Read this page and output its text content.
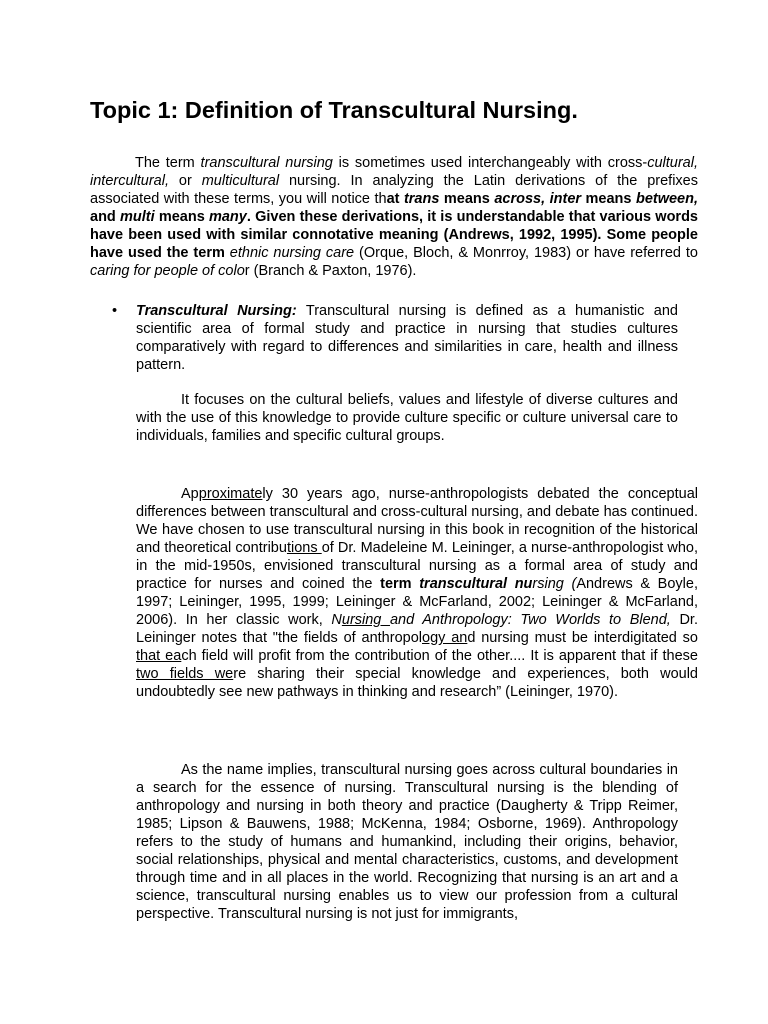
Topic 1: Definition of Transcultural Nursing.

The term transcultural nursing is sometimes used interchangeably with cross-cultural, intercultural, or multicultural nursing. In analyzing the Latin derivations of the prefixes associated with these terms, you will notice that trans means across, inter means between, and multi means many. Given these derivations, it is understandable that various words have been used with similar connotative meaning (Andrews, 1992, 1995). Some people have used the term ethnic nursing care (Orque, Bloch, & Monrroy, 1983) or have referred to caring for people of color (Branch & Paxton, 1976).

• Transcultural Nursing: Transcultural nursing is defined as a humanistic and scientific area of formal study and practice in nursing that studies cultures comparatively with regard to differences and similarities in care, health and illness pattern.

It focuses on the cultural beliefs, values and lifestyle of diverse cultures and with the use of this knowledge to provide culture specific or culture universal care to individuals, families and specific cultural groups.

Approximately 30 years ago, nurse-anthropologists debated the conceptual differences between transcultural and cross-cultural nursing, and debate has continued. We have chosen to use transcultural nursing in this book in recognition of the historical and theoretical contributions of Dr. Madeleine M. Leininger, a nurse-anthropologist who, in the mid-1950s, envisioned transcultural nursing as a formal area of study and practice for nurses and coined the term transcultural nursing (Andrews & Boyle, 1997; Leininger, 1995, 1999; Leininger & McFarland, 2002; Leininger & McFarland, 2006). In her classic work, Nursing and Anthropology: Two Worlds to Blend, Dr. Leininger notes that "the fields of anthropology and nursing must be interdigitated so that each field will profit from the contribution of the other.... It is apparent that if these two fields were sharing their special knowledge and experiences, both would undoubtedly see new pathways in thinking and research” (Leininger, 1970).

As the name implies, transcultural nursing goes across cultural boundaries in a search for the essence of nursing. Transcultural nursing is the blending of anthropology and nursing in both theory and practice (Daugherty & Tripp Reimer, 1985; Lipson & Bauwens, 1988; McKenna, 1984; Osborne, 1969). Anthropology refers to the study of humans and humankind, including their origins, behavior, social relationships, physical and mental characteristics, customs, and development through time and in all places in the world. Recognizing that nursing is an art and a science, transcultural nursing enables us to view our profession from a cultural perspective. Transcultural nursing is not just for immigrants,
